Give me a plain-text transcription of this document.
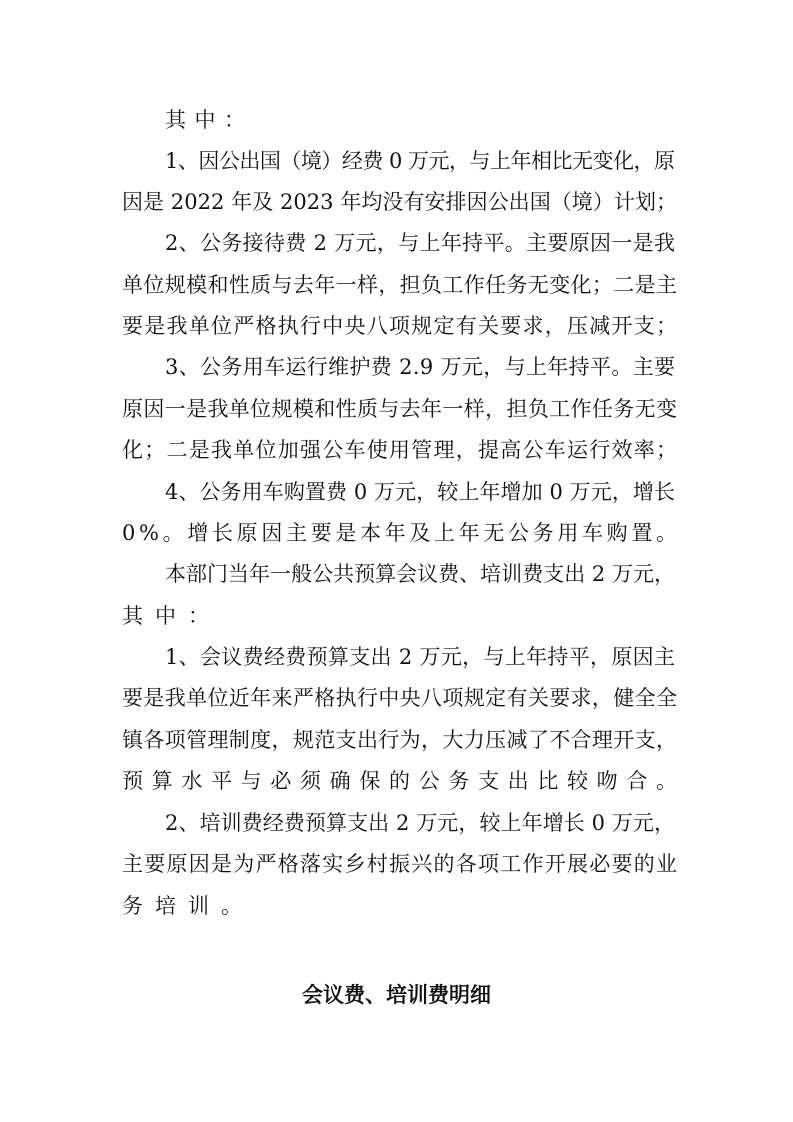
其中：
1、因公出国（境）经费 0 万元，与上年相比无变化，原
因是 2022 年及 2023 年均没有安排因公出国（境）计划；
2、公务接待费 2 万元，与上年持平。主要原因一是我
单位规模和性质与去年一样，担负工作任务无变化；二是主
要是我单位严格执行中央八项规定有关要求，压减开支；
3、公务用车运行维护费 2.9 万元，与上年持平。主要
原因一是我单位规模和性质与去年一样，担负工作任务无变
化；二是我单位加强公车使用管理，提高公车运行效率；
4、公务用车购置费 0 万元，较上年增加 0 万元，增长
0%。增长原因主要是本年及上年无公务用车购置。
本部门当年一般公共预算会议费、培训费支出 2 万元，
其中：
1、会议费经费预算支出 2 万元，与上年持平，原因主
要是我单位近年来严格执行中央八项规定有关要求，健全全
镇各项管理制度，规范支出行为，大力压减了不合理开支，
预算水平与必须确保的公务支出比较吻合。
2、培训费经费预算支出 2 万元，较上年增长 0 万元，
主要原因是为严格落实乡村振兴的各项工作开展必要的业
务培训。
会议费、培训费明细
